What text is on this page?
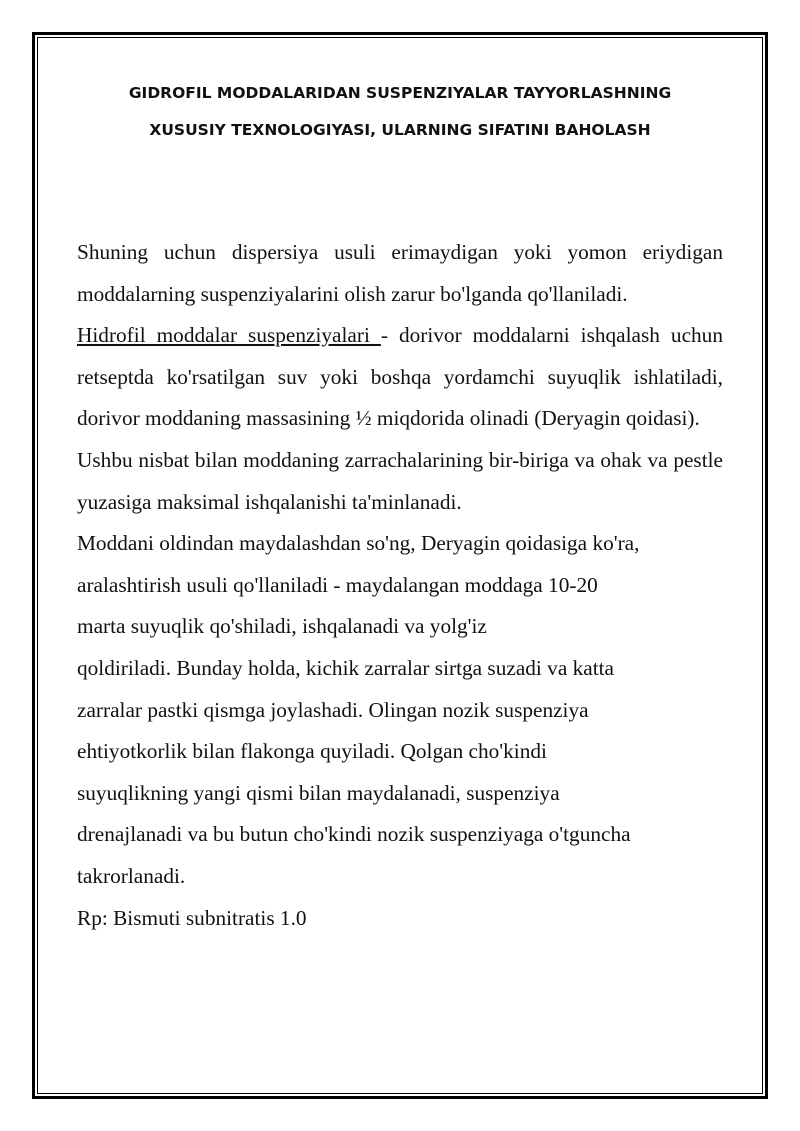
GIDROFIL MODDALARIDAN SUSPENZIYALAR TAYYORLASHNING
XUSUSIY TEXNOLOGIYASI, ULARNING SIFATINI BAHOLASH

Shuning uchun dispersiya usuli erimaydigan yoki yomon eriydigan moddalarning suspenziyalarini olish zarur bo'lganda qo'llaniladi.

Hidrofil moddalar suspenziyalari - dorivor moddalarni ishqalash uchun retseptda ko'rsatilgan suv yoki boshqa yordamchi suyuqlik ishlatiladi, dorivor moddaning massasining ½ miqdorida olinadi (Deryagin qoidasi).

Ushbu nisbat bilan moddaning zarrachalarining bir-biriga va ohak va pestle yuzasiga maksimal ishqalanishi ta'minlanadi.

Moddani oldindan maydalashdan so'ng, Deryagin qoidasiga ko'ra,
aralashtirish usuli qo'llaniladi - maydalangan moddaga 10-20
marta suyuqlik qo'shiladi, ishqalanadi va yolg'iz
qoldiriladi. Bunday holda, kichik zarralar sirtga suzadi va katta
zarralar pastki qismga joylashadi. Olingan nozik suspenziya
ehtiyotkorlik bilan flakonga quyiladi. Qolgan cho'kindi
suyuqlikning yangi qismi bilan maydalanadi, suspenziya
drenajlanadi va bu butun cho'kindi nozik suspenziyaga o'tguncha
takrorlanadi.

Rp: Bismuti subnitratis 1.0
